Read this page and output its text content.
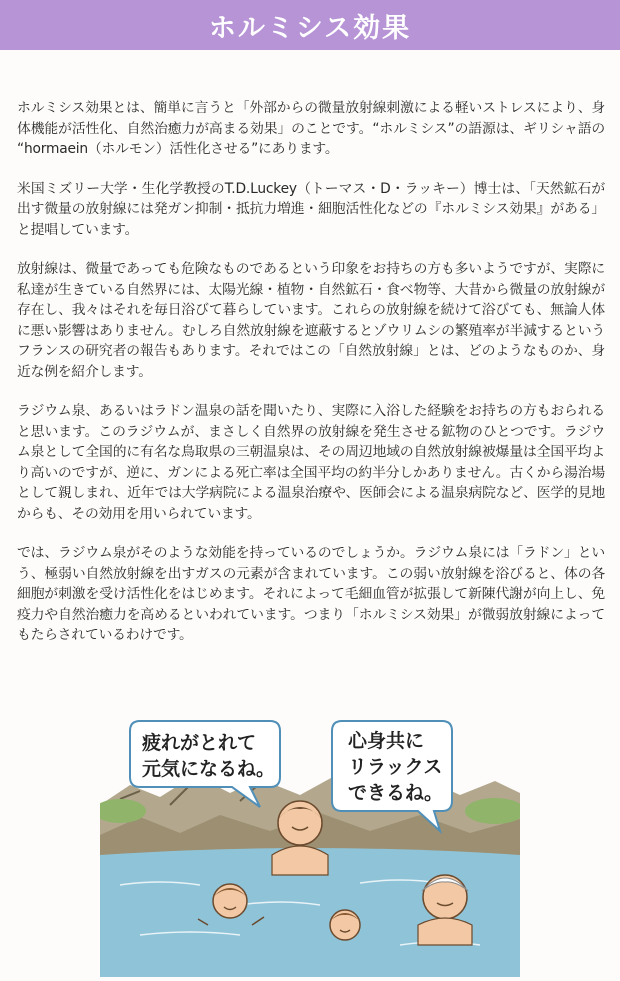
ホルミシス効果

ホルミシス効果とは、簡単に言うと「外部からの微量放射線刺激による軽いストレスにより、身体機能が活性化、自然治癒力が高まる効果」のことです。“ホルミシス”の語源は、ギリシャ語の “hormaein（ホルモン）活性化させる”にあります。

米国ミズリー大学・生化学教授のT.D.Luckey（トーマス・D・ラッキー）博士は、「天然鉱石が出す微量の放射線には発ガン抑制・抵抗力増進・細胞活性化などの『ホルミシス効果』がある」と提唱しています。

放射線は、微量であっても危険なものであるという印象をお持ちの方も多いようですが、実際に私達が生きている自然界には、太陽光線・植物・自然鉱石・食べ物等、大昔から微量の放射線が存在し、我々はそれを毎日浴びて暮らしています。これらの放射線を続けて浴びても、無論人体に悪い影響はありません。むしろ自然放射線を遮蔽するとゾウリムシの繁殖率が半減するというフランスの研究者の報告もあります。それではこの「自然放射線」とは、どのようなものか、身近な例を紹介します。

ラジウム泉、あるいはラドン温泉の話を聞いたり、実際に入浴した経験をお持ちの方もおられると思います。このラジウムが、まさしく自然界の放射線を発生させる鉱物のひとつです。ラジウム泉として全国的に有名な鳥取県の三朝温泉は、その周辺地域の自然放射線被爆量は全国平均より高いのですが、逆に、ガンによる死亡率は全国平均の約半分しかありません。古くから湯治場として親しまれ、近年では大学病院による温泉治療や、医師会による温泉病院など、医学的見地からも、その効用を用いられています。

では、ラジウム泉がそのような効能を持っているのでしょうか。ラジウム泉には「ラドン」という、極弱い自然放射線を出すガスの元素が含まれています。この弱い放射線を浴びると、体の各細胞が刺激を受け活性化をはじめます。それによって毛細血管が拡張して新陳代謝が向上し、免疫力や自然治癒力を高めるといわれています。つまり「ホルミシス効果」が微弱放射線によってもたらされているわけです。

疲れがとれて
元気になるね。
心身共に
リラックス
できるね。
